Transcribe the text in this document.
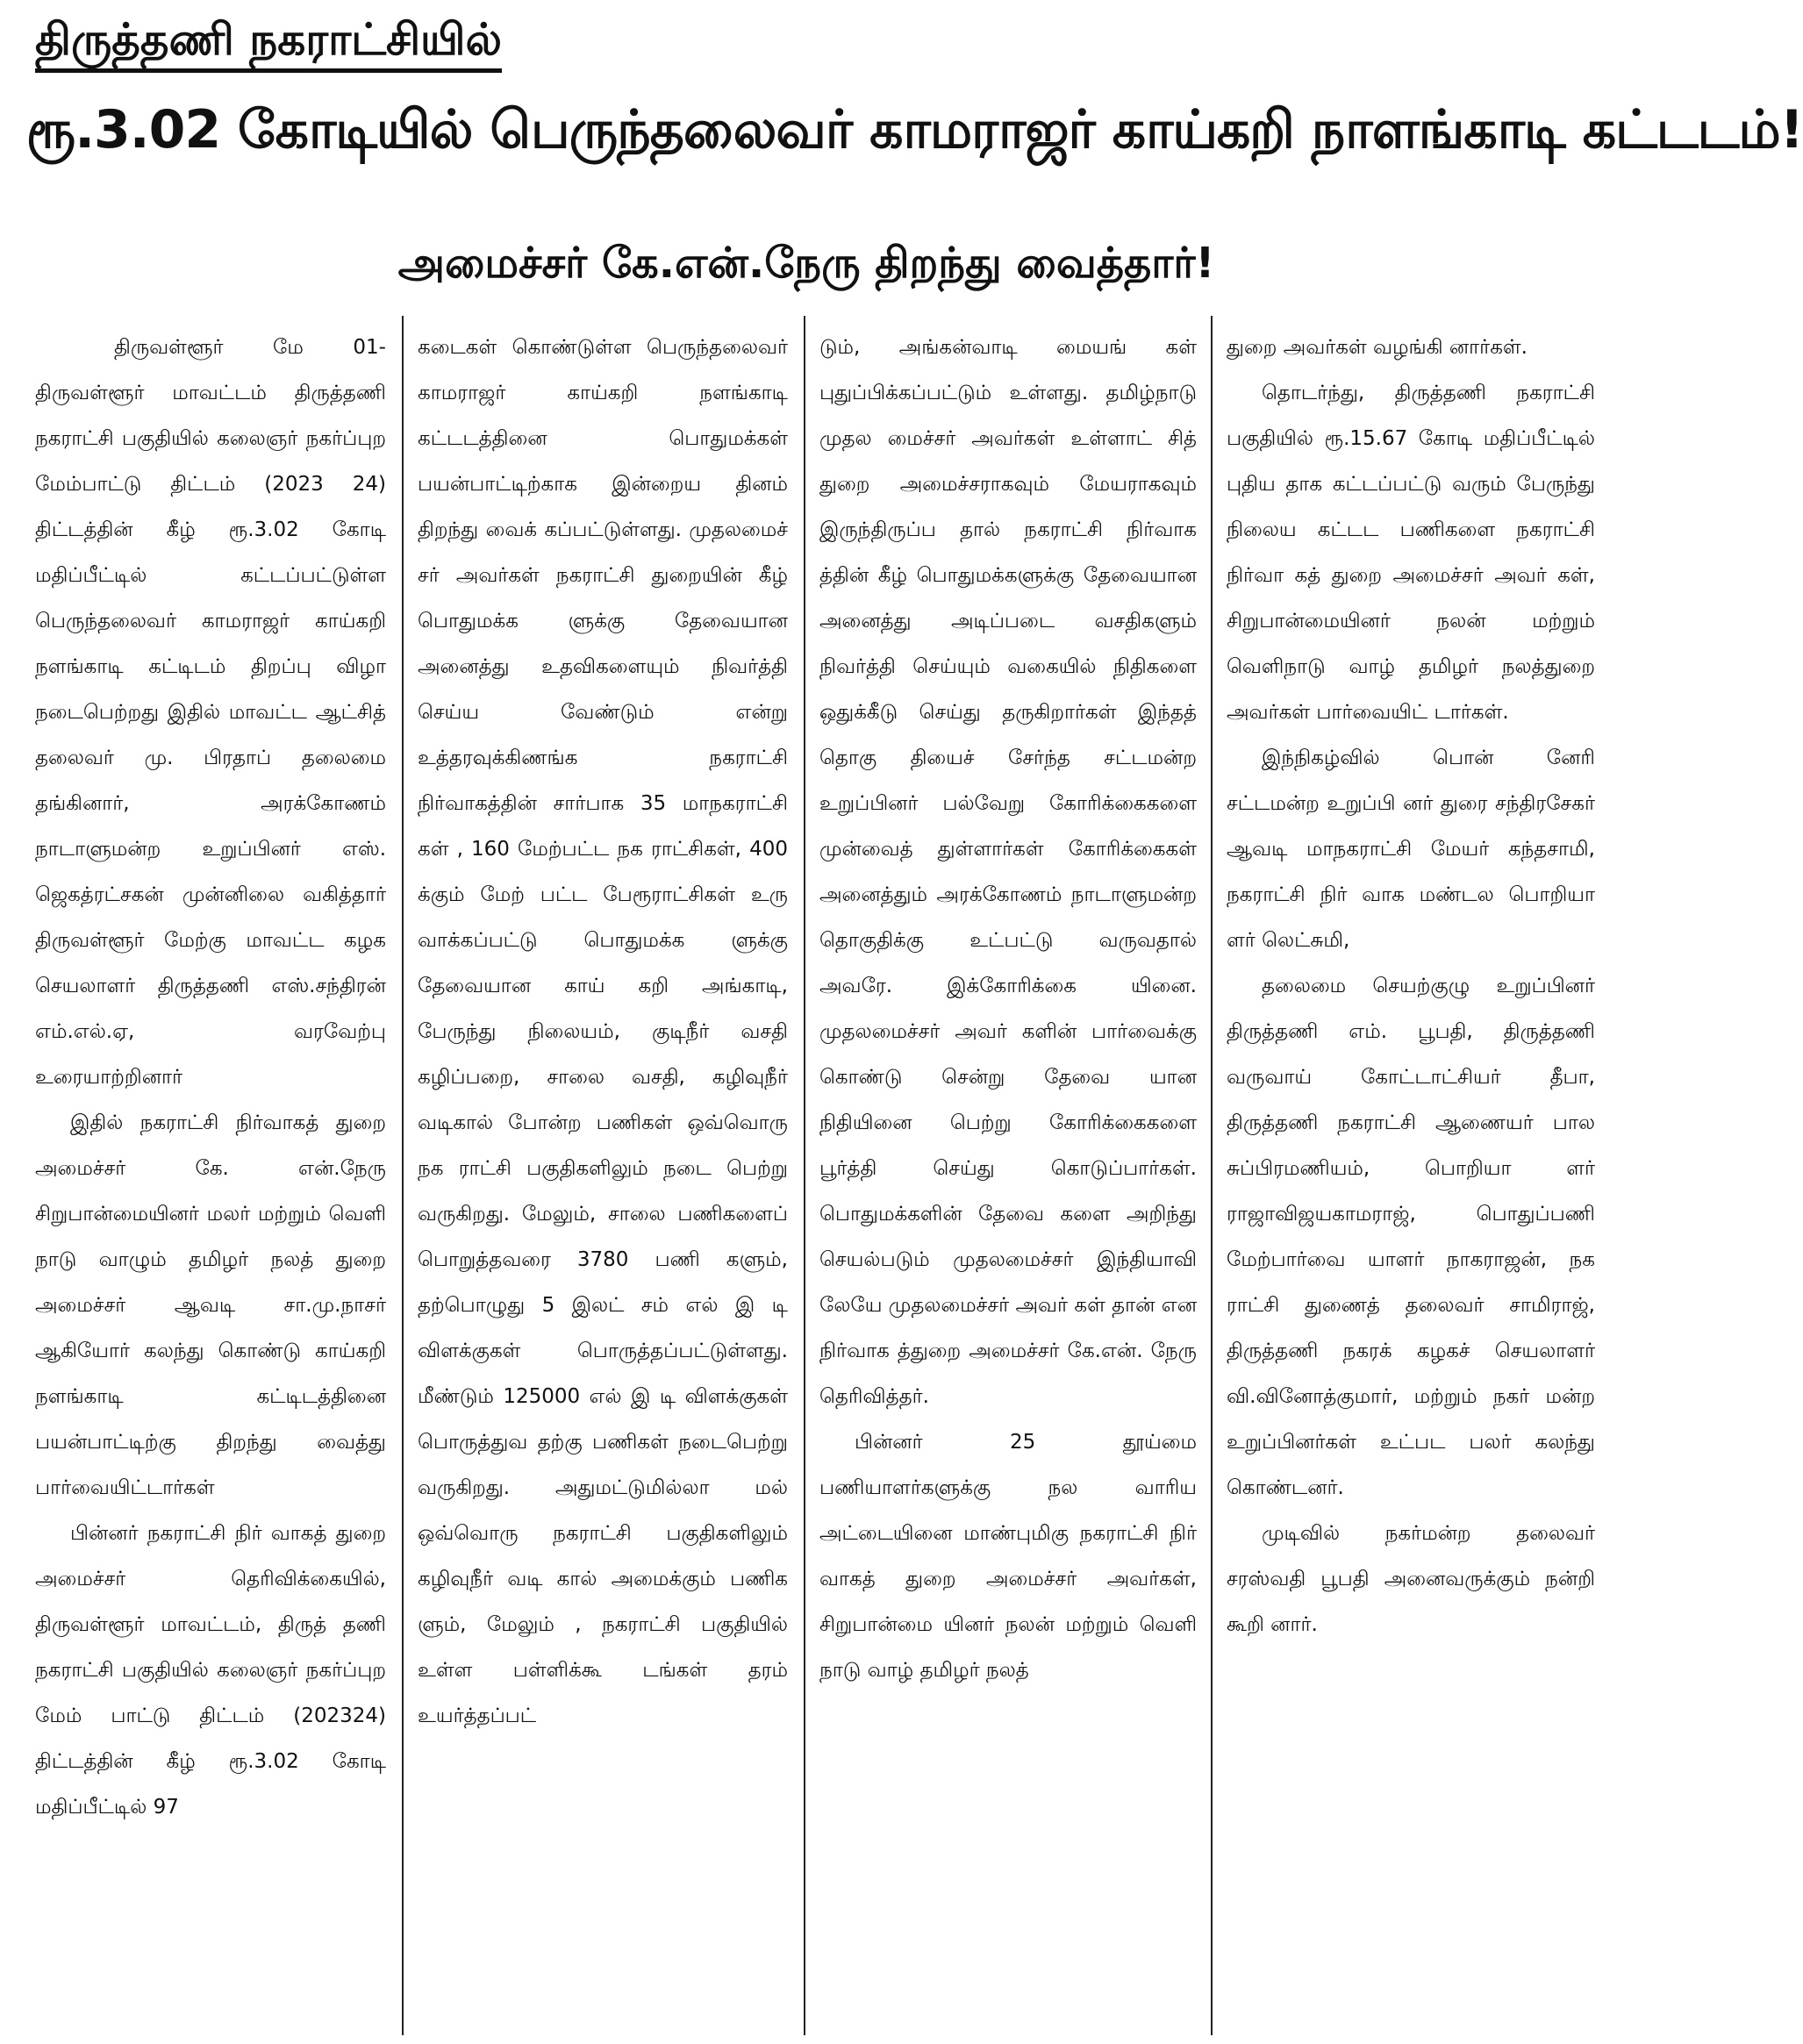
திருத்தணி நகராட்சியில்
ரூ.3.02 கோடியில் பெருந்தலைவர் காமராஜர் காய்கறி நாளங்காடி கட்டடம்!
அமைச்சர் கே.என்.நேரு திறந்து வைத்தார்!

திருவள்ளூர் மே 01- திருவள்ளூர் மாவட்டம் திருத்தணி நகராட்சி பகுதியில் கலைஞர் நகர்ப்புற மேம்பாட்டு திட்டம் (2023 24) திட்டத்தின் கீழ் ரூ.3.02 கோடி மதிப்பீட்டில் கட்டப்பட்டுள்ள பெருந்தலைவர் காமராஜர் காய்கறி நளங்காடி கட்டிடம் திறப்பு விழா நடைபெற்றது இதில் மாவட்ட ஆட்சித் தலைவர் மு. பிரதாப் தலைமை தங்கினார், அரக்கோணம் நாடாளுமன்ற உறுப்பினர் எஸ். ஜெகத்ரட்சகன் முன்னிலை வகித்தார் திருவள்ளூர் மேற்கு மாவட்ட கழக செயலாளர் திருத்தணி எஸ்.சந்திரன் எம்.எல்.ஏ, வரவேற்பு உரையாற்றினார்

இதில் நகராட்சி நிர்வாகத் துறை அமைச்சர் கே. என்.நேரு சிறுபான்மையினர் மலர் மற்றும் வெளி நாடு வாழும் தமிழர் நலத் துறை அமைச்சர் ஆவடி சா.மு.நாசர் ஆகியோர் கலந்து கொண்டு காய்கறி நளங்காடி கட்டிடத்தினை பயன்பாட்டிற்கு திறந்து வைத்து பார்வையிட்டார்கள்

பின்னர் நகராட்சி நிர் வாகத் துறை அமைச்சர் தெரிவிக்கையில், திருவள்ளூர் மாவட்டம், திருத் தணி நகராட்சி பகுதியில் கலைஞர் நகர்ப்புற மேம் பாட்டு திட்டம் (202324) திட்டத்தின் கீழ் ரூ.3.02 கோடி மதிப்பீட்டில் 97

கடைகள் கொண்டுள்ள பெருந்தலைவர் காமராஜர் காய்கறி நளங்காடி கட்டடத்தினை பொதுமக்கள் பயன்பாட்டிற்காக இன்றைய தினம் திறந்து வைக் கப்பட்டுள்ளது. முதலமைச் சர் அவர்கள் நகராட்சி துறையின் கீழ் பொதுமக்க ளுக்கு தேவையான அனைத்து உதவிகளையும் நிவர்த்தி செய்ய வேண்டும் என்று உத்தரவுக்கிணங்க நகராட்சி நிர்வாகத்தின் சார்பாக 35 மாநகராட்சி கள் , 160 மேற்பட்ட நக ராட்சிகள், 400 க்கும் மேற் பட்ட பேரூராட்சிகள் உரு வாக்கப்பட்டு பொதுமக்க ளுக்கு தேவையான காய் கறி அங்காடி, பேருந்து நிலையம், குடிநீர் வசதி கழிப்பறை, சாலை வசதி, கழிவுநீர் வடிகால் போன்ற பணிகள் ஒவ்வொரு நக ராட்சி பகுதிகளிலும் நடை பெற்று வருகிறது. மேலும், சாலை பணிகளைப் பொறுத்தவரை 3780 பணி களும், தற்பொழுது 5 இலட் சம் எல் இ டி விளக்குகள் பொருத்தப்பட்டுள்ளது. மீண்டும் 125000 எல் இ டி விளக்குகள் பொருத்துவ தற்கு பணிகள் நடைபெற்று வருகிறது. அதுமட்டுமில்லா மல் ஒவ்வொரு நகராட்சி பகுதிகளிலும் கழிவுநீர் வடி கால் அமைக்கும் பணிக ளும், மேலும் , நகராட்சி பகுதியில் உள்ள பள்ளிக்கூ டங்கள் தரம் உயர்த்தப்பட்

டும், அங்கன்வாடி மையங் கள் புதுப்பிக்கப்பட்டும் உள்ளது. தமிழ்நாடு முதல மைச்சர் அவர்கள் உள்ளாட் சித் துறை அமைச்சராகவும் மேயராகவும் இருந்திருப்ப தால் நகராட்சி நிர்வாக த்தின் கீழ் பொதுமக்களுக்கு தேவையான அனைத்து அடிப்படை வசதிகளும் நிவர்த்தி செய்யும் வகையில் நிதிகளை ஒதுக்கீடு செய்து தருகிறார்கள் இந்தத் தொகு தியைச் சேர்ந்த சட்டமன்ற உறுப்பினர் பல்வேறு கோரிக்கைகளை முன்வைத் துள்ளார்கள் கோரிக்கைகள் அனைத்தும் அரக்கோணம் நாடாளுமன்ற தொகுதிக்கு உட்பட்டு வருவதால் அவரே. இக்கோரிக்கை யினை. முதலமைச்சர் அவர் களின் பார்வைக்கு கொண்டு சென்று தேவை யான நிதியினை பெற்று கோரிக்கைகளை பூர்த்தி செய்து கொடுப்பார்கள். பொதுமக்களின் தேவை களை அறிந்து செயல்படும் முதலமைச்சர் இந்தியாவி லேயே முதலமைச்சர் அவர் கள் தான் என நிர்வாக த்துறை அமைச்சர் கே.என். நேரு தெரிவித்தர்.

பின்னர் 25 தூய்மை பணியாளர்களுக்கு நல வாரிய அட்டையினை மாண்புமிகு நகராட்சி நிர் வாகத் துறை அமைச்சர் அவர்கள், சிறுபான்மை யினர் நலன் மற்றும் வெளி நாடு வாழ் தமிழர் நலத்

துறை அவர்கள் வழங்கி னார்கள்.

தொடர்ந்து, திருத்தணி நகராட்சி பகுதியில் ரூ.15.67 கோடி மதிப்பீட்டில் புதிய தாக கட்டப்பட்டு வரும் பேருந்து நிலைய கட்டட பணிகளை நகராட்சி நிர்வா கத் துறை அமைச்சர் அவர் கள், சிறுபான்மையினர் நலன் மற்றும் வெளிநாடு வாழ் தமிழர் நலத்துறை அவர்கள் பார்வையிட் டார்கள்.

இந்நிகழ்வில் பொன் னேரி சட்டமன்ற உறுப்பி னர் துரை சந்திரசேகர் ஆவடி மாநகராட்சி மேயர் கந்தசாமி, நகராட்சி நிர் வாக மண்டல பொறியா ளர் லெட்சுமி,

தலைமை செயற்குழு உறுப்பினர் திருத்தணி எம். பூபதி, திருத்தணி வருவாய் கோட்டாட்சியர் தீபா, திருத்தணி நகராட்சி ஆணையர் பால சுப்பிரமணியம், பொறியா ளர் ராஜாவிஜயகாமராஜ், பொதுப்பணி மேற்பார்வை யாளர் நாகராஜன், நக ராட்சி துணைத் தலைவர் சாமிராஜ், திருத்தணி நகரக் கழகச் செயலாளர் வி.வினோத்குமார், மற்றும் நகர் மன்ற உறுப்பினர்கள் உட்பட பலர் கலந்து கொண்டனர்.

முடிவில் நகர்மன்ற தலைவர் சரஸ்வதி பூபதி அனைவருக்கும் நன்றி கூறி னார்.
